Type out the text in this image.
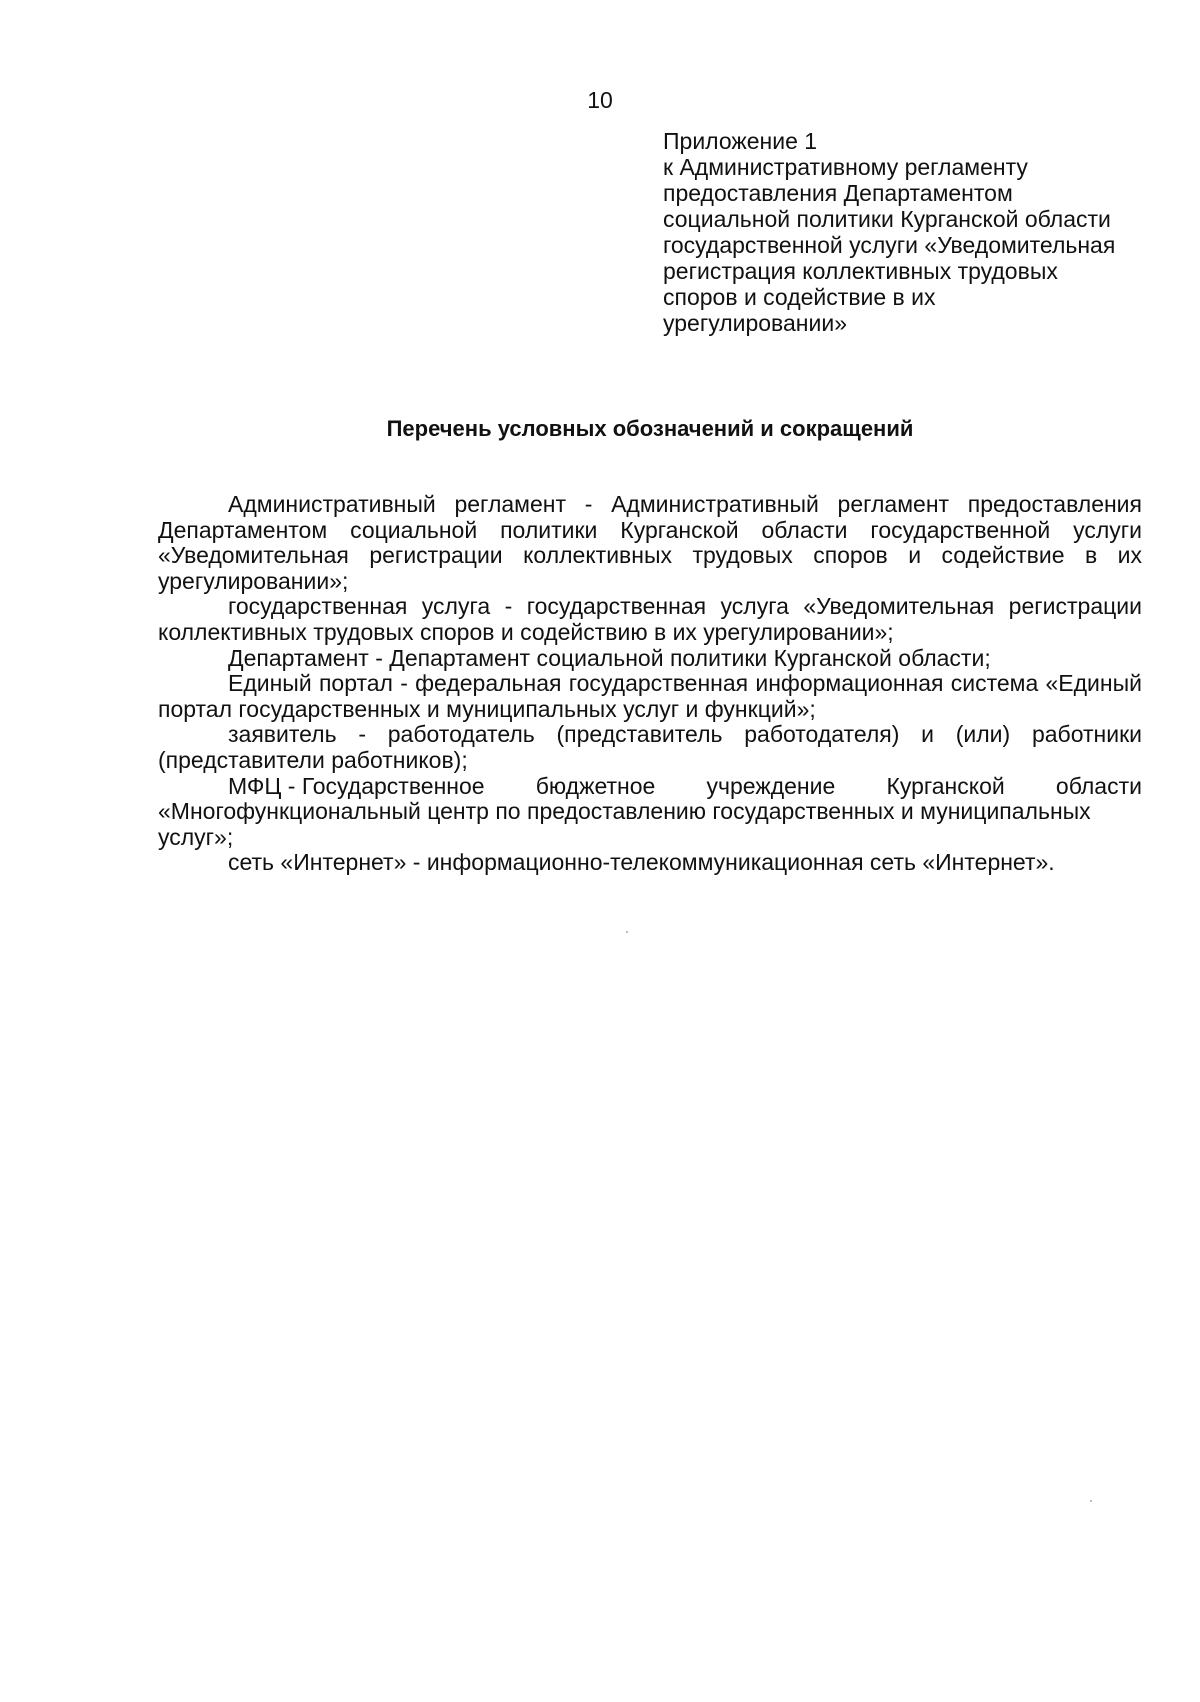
10
Приложение 1
к Административному регламенту
предоставления Департаментом
социальной политики Курганской области
государственной услуги «Уведомительная
регистрация коллективных трудовых
споров и содействие в их
урегулировании»
Перечень условных обозначений и сокращений

Административный регламент - Административный регламент предоставления Департаментом социальной политики Курганской области государственной услуги «Уведомительная регистрации коллективных трудовых споров и содействие в их урегулировании»;

государственная услуга - государственная услуга «Уведомительная регистрации коллективных трудовых споров и содействию в их урегулировании»;

Департамент - Департамент социальной политики Курганской области;

Единый портал - федеральная государственная информационная система «Единый портал государственных и муниципальных услуг и функций»;

заявитель - работодатель (представитель работодателя) и (или) работники (представители работников);

МФЦ - Государственное бюджетное учреждение Курганской области

«Многофункциональный центр по предоставлению государственных и муниципальных услуг»;

сеть «Интернет» - информационно-телекоммуникационная сеть «Интернет».
